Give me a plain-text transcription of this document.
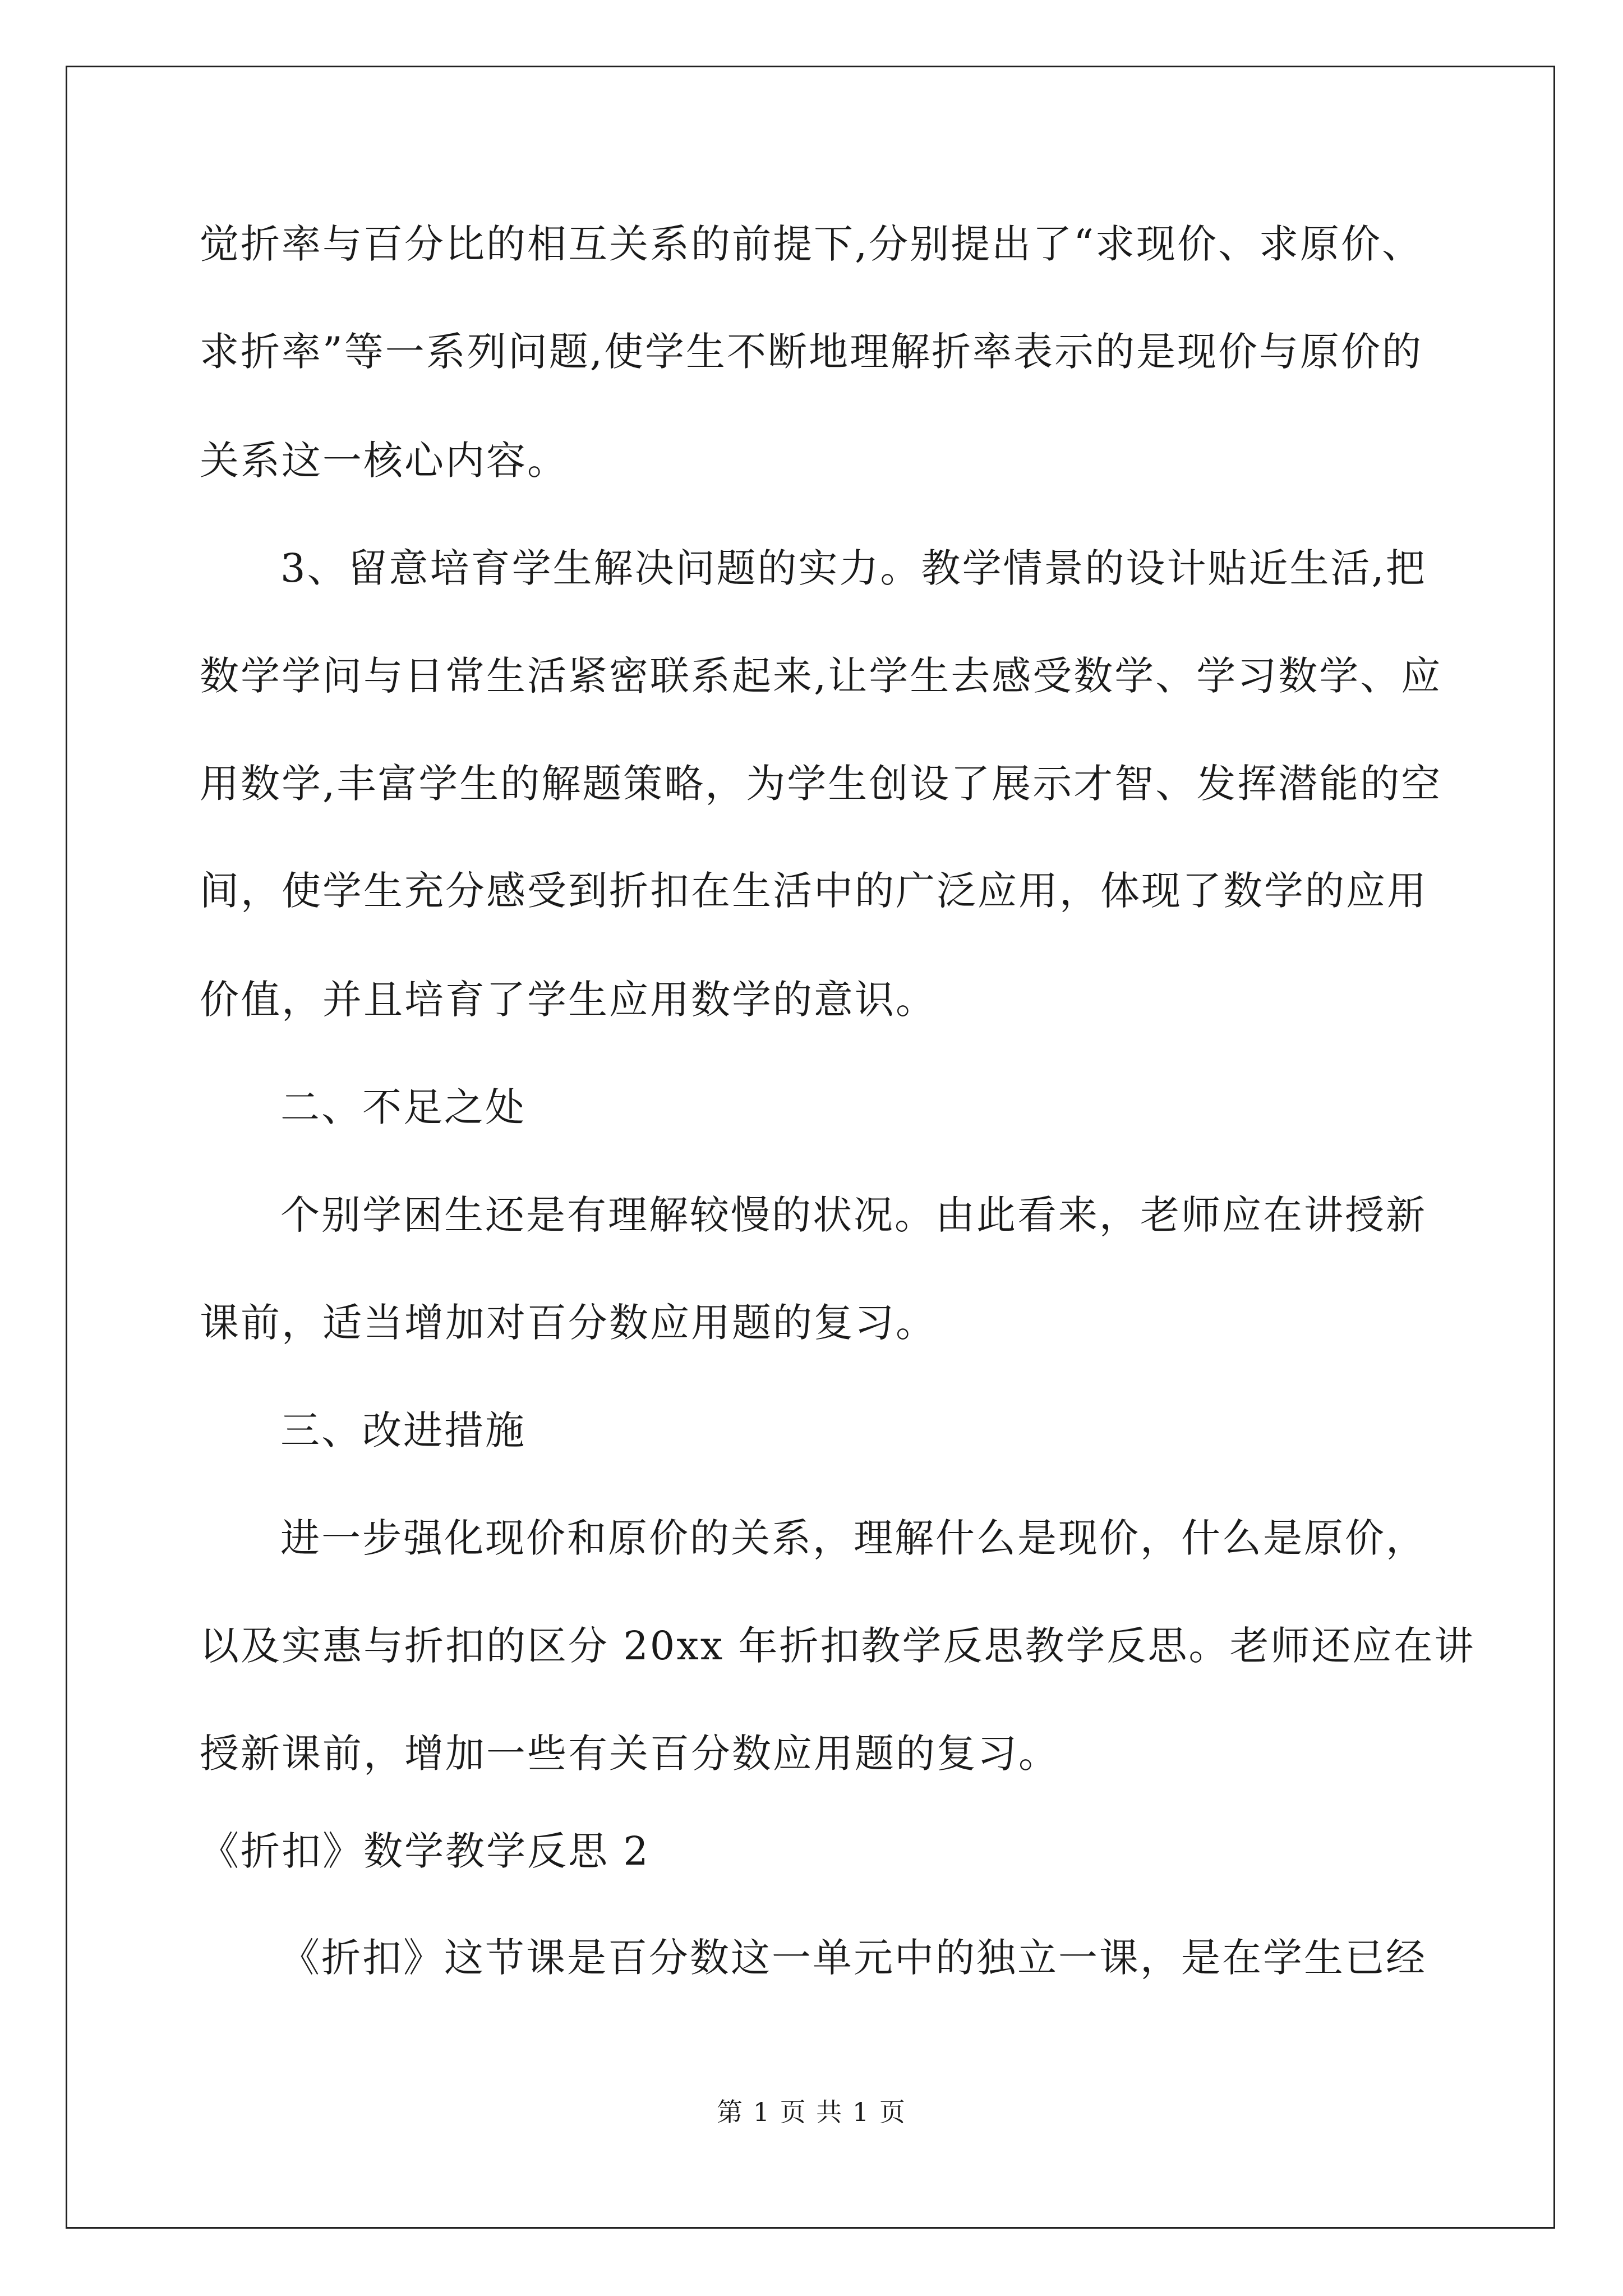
觉折率与百分比的相互关系的前提下,分别提出了“求现价、求原价、
求折率”等一系列问题,使学生不断地理解折率表示的是现价与原价的
关系这一核心内容。
3、留意培育学生解决问题的实力。教学情景的设计贴近生活,把
数学学问与日常生活紧密联系起来,让学生去感受数学、学习数学、应
用数学,丰富学生的解题策略，为学生创设了展示才智、发挥潜能的空
间，使学生充分感受到折扣在生活中的广泛应用，体现了数学的应用
价值，并且培育了学生应用数学的意识。
二、不足之处
个别学困生还是有理解较慢的状况。由此看来，老师应在讲授新
课前，适当增加对百分数应用题的复习。
三、改进措施
进一步强化现价和原价的关系，理解什么是现价，什么是原价，
以及实惠与折扣的区分 20xx 年折扣教学反思教学反思。老师还应在讲
授新课前，增加一些有关百分数应用题的复习。
《折扣》数学教学反思 2
《折扣》这节课是百分数这一单元中的独立一课，是在学生已经
第 1 页 共 1 页
